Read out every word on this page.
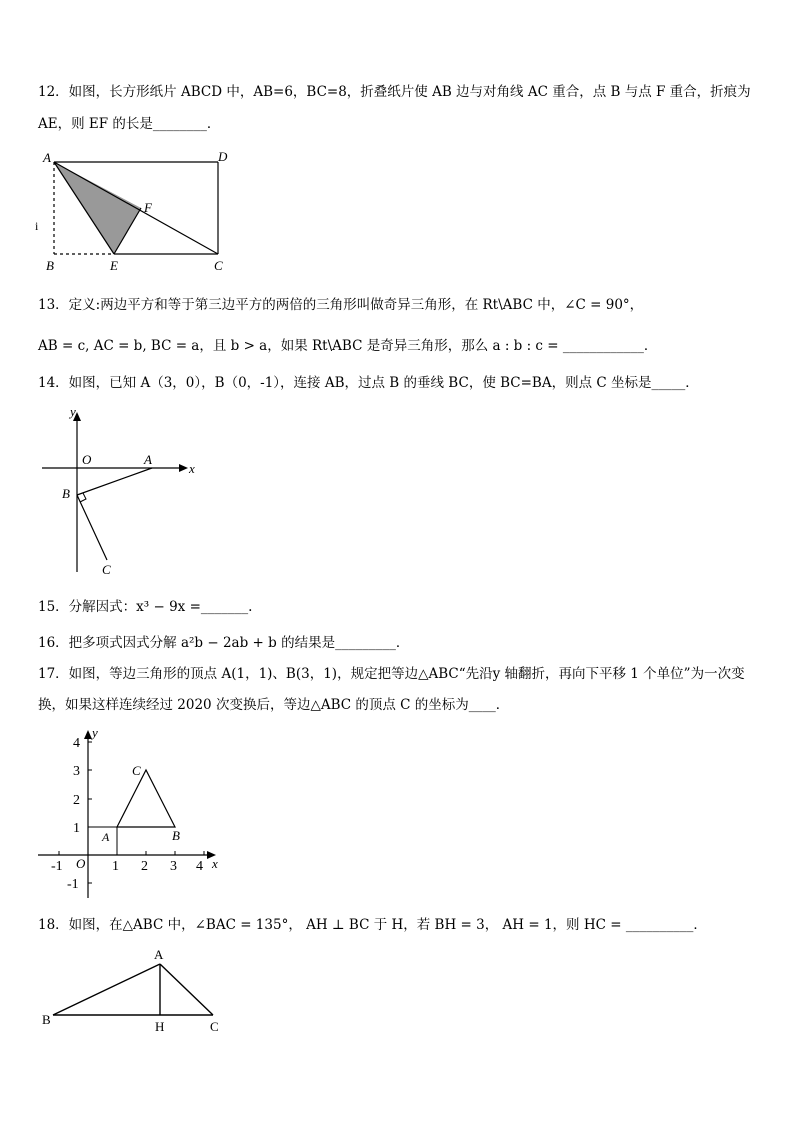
12．如图，长方形纸片 ABCD 中，AB=6，BC=8，折叠纸片使 AB 边与对角线 AC 重合，点 B 与点 F 重合，折痕为
AE，则 EF 的长是________．
A	D
F
B	E	C
i
13．定义:两边平方和等于第三边平方的两倍的三角形叫做奇异三角形，在 Rt\ABC 中，∠C = 90°，
AB = c, AC = b, BC = a，且 b > a，如果 Rt\ABC 是奇异三角形，那么 a : b : c = ____________．
14．如图，已知 A（3，0），B（0，-1），连接 AB，过点 B 的垂线 BC，使 BC=BA，则点 C 坐标是_____．
y
O	A
x
B
C
15．分解因式：x³ − 9x =_______.
16．把多项式因式分解 a²b − 2ab + b 的结果是_________．
17．如图，等边三角形的顶点 A(1，1)、B(3，1)，规定把等边△ABC“先沿y 轴翻折，再向下平移 1 个单位”为一次变
换，如果这样连续经过 2020 次变换后，等边△ABC 的顶点 C 的坐标为____．
4
3
2
1
-1
-1	1 2 3 4
y
x
O
A	B
C
18．如图，在△ABC 中，∠BAC = 135°， AH ⊥ BC 于 H，若 BH = 3， AH = 1，则 HC = __________．
A
B	H	C
